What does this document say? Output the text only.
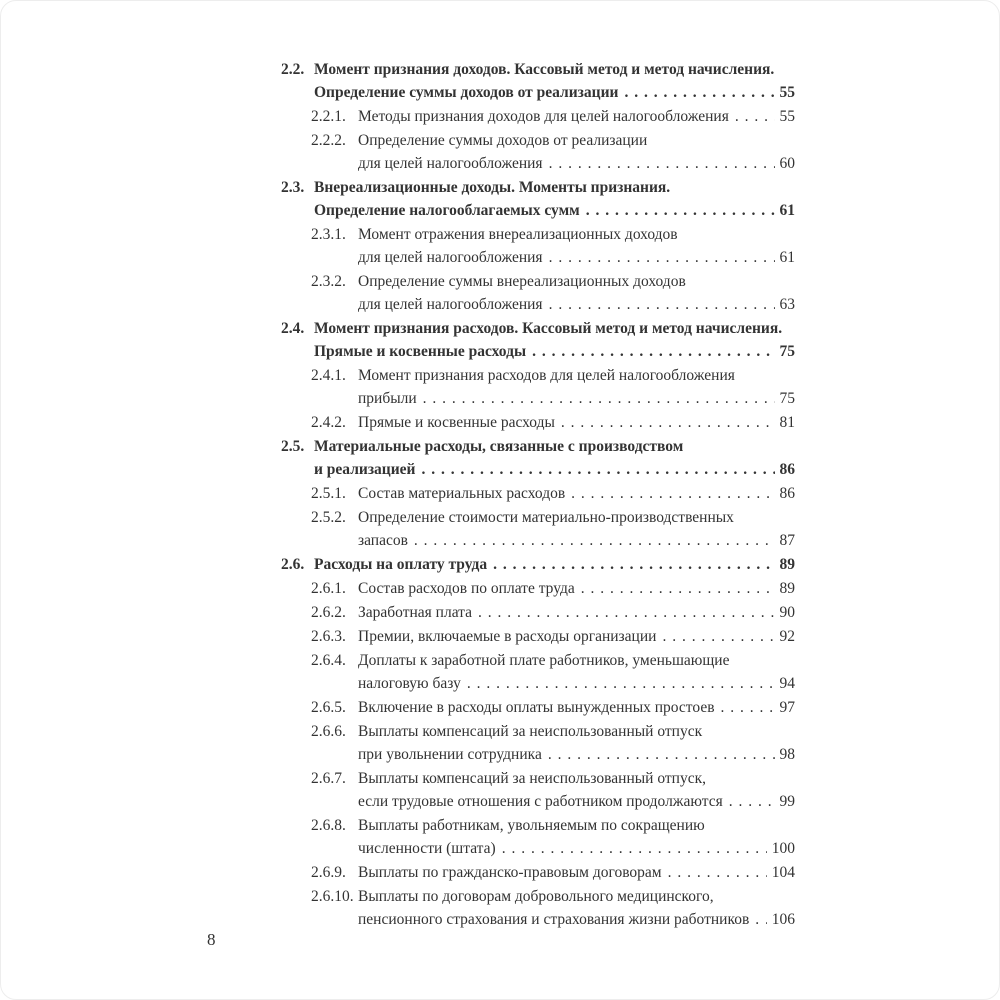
2.2. Момент признания доходов. Кассовый метод и метод начисления.
Определение суммы доходов от реализации . . .	55
2.2.1. Методы признания доходов для целей налогообложения . . .	55
2.2.2. Определение суммы доходов от реализации
для целей налогообложения . . .	60
2.3. Внереализационные доходы. Моменты признания.
Определение налогооблагаемых сумм . . .	61
2.3.1. Момент отражения внереализационных доходов
для целей налогообложения . . .	61
2.3.2. Определение суммы внереализационных доходов
для целей налогообложения . . .	63
2.4. Момент признания расходов. Кассовый метод и метод начисления.
Прямые и косвенные расходы . . .	75
2.4.1. Момент признания расходов для целей налогообложения
прибыли . . .	75
2.4.2. Прямые и косвенные расходы . . .	81
2.5. Материальные расходы, связанные с производством
и реализацией . . .	86
2.5.1. Состав материальных расходов . . .	86
2.5.2. Определение стоимости материально-производственных
запасов . . .	87
2.6. Расходы на оплату труда . . .	89
2.6.1. Состав расходов по оплате труда . . .	89
2.6.2. Заработная плата . . .	90
2.6.3. Премии, включаемые в расходы организации . . .	92
2.6.4. Доплаты к заработной плате работников, уменьшающие
налоговую базу . . .	94
2.6.5. Включение в расходы оплаты вынужденных простоев . . .	97
2.6.6. Выплаты компенсаций за неиспользованный отпуск
при увольнении сотрудника . . .	98
2.6.7. Выплаты компенсаций за неиспользованный отпуск,
если трудовые отношения с работником продолжаются . . .	99
2.6.8. Выплаты работникам, увольняемым по сокращению
численности (штата) . . .	100
2.6.9. Выплаты по гражданско-правовым договорам . . .	104
2.6.10. Выплаты по договорам добровольного медицинского,
пенсионного страхования и страхования жизни работников . . . 106
8
